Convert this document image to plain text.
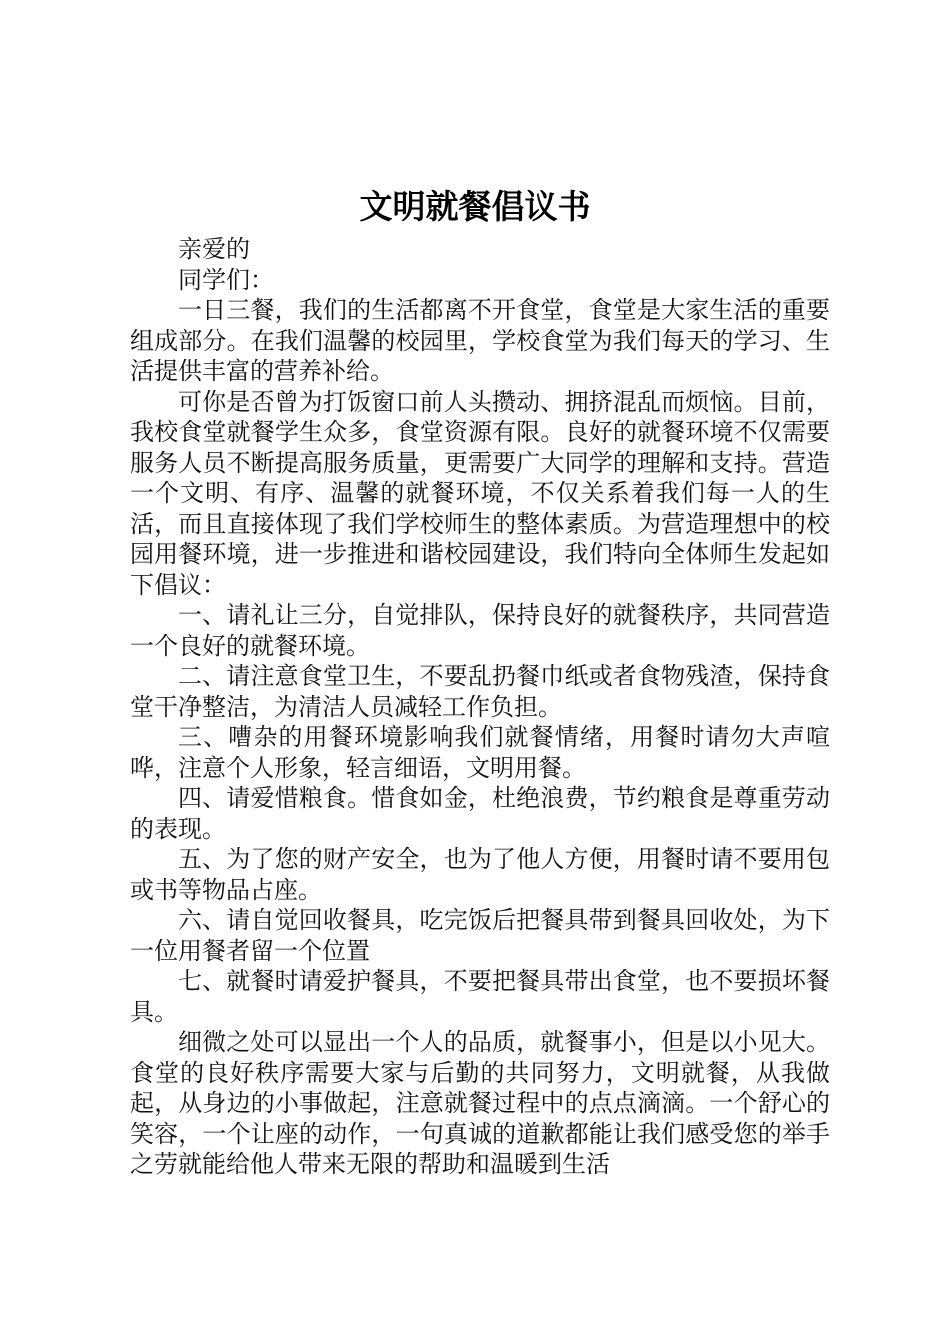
文明就餐倡议书

亲爱的

同学们：

一日三餐，我们的生活都离不开食堂，食堂是大家生活的重要组成部分。在我们温馨的校园里，学校食堂为我们每天的学习、生活提供丰富的营养补给。

可你是否曾为打饭窗口前人头攒动、拥挤混乱而烦恼。目前，我校食堂就餐学生众多，食堂资源有限。良好的就餐环境不仅需要服务人员不断提高服务质量，更需要广大同学的理解和支持。营造一个文明、有序、温馨的就餐环境，不仅关系着我们每一人的生活，而且直接体现了我们学校师生的整体素质。为营造理想中的校园用餐环境，进一步推进和谐校园建设，我们特向全体师生发起如下倡议：

一、请礼让三分，自觉排队，保持良好的就餐秩序，共同营造一个良好的就餐环境。

二、请注意食堂卫生，不要乱扔餐巾纸或者食物残渣，保持食堂干净整洁，为清洁人员减轻工作负担。

三、嘈杂的用餐环境影响我们就餐情绪，用餐时请勿大声喧哗，注意个人形象，轻言细语，文明用餐。

四、请爱惜粮食。惜食如金，杜绝浪费，节约粮食是尊重劳动的表现。

五、为了您的财产安全，也为了他人方便，用餐时请不要用包或书等物品占座。

六、请自觉回收餐具，吃完饭后把餐具带到餐具回收处，为下一位用餐者留一个位置

七、就餐时请爱护餐具，不要把餐具带出食堂，也不要损坏餐具。

细微之处可以显出一个人的品质，就餐事小，但是以小见大。食堂的良好秩序需要大家与后勤的共同努力，文明就餐，从我做起，从身边的小事做起，注意就餐过程中的点点滴滴。一个舒心的笑容，一个让座的动作，一句真诚的道歉都能让我们感受您的举手之劳就能给他人带来无限的帮助和温暖到生活
